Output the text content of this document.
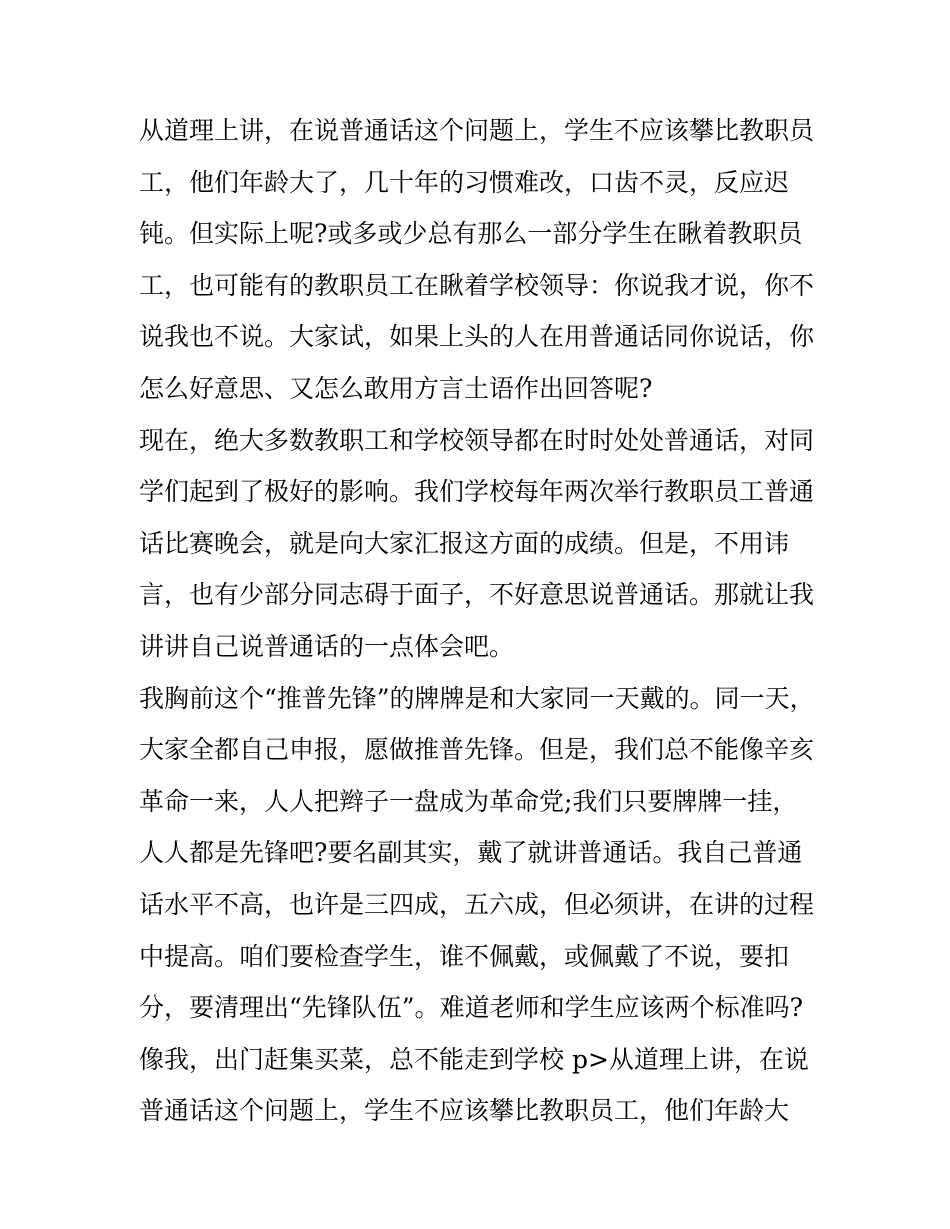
从道理上讲，在说普通话这个问题上，学生不应该攀比教职员
工，他们年龄大了，几十年的习惯难改，口齿不灵，反应迟
钝。但实际上呢?或多或少总有那么一部分学生在瞅着教职员
工，也可能有的教职员工在瞅着学校领导：你说我才说，你不
说我也不说。大家试，如果上头的人在用普通话同你说话，你
怎么好意思、又怎么敢用方言土语作出回答呢?
现在，绝大多数教职工和学校领导都在时时处处普通话，对同
学们起到了极好的影响。我们学校每年两次举行教职员工普通
话比赛晚会，就是向大家汇报这方面的成绩。但是，不用讳
言，也有少部分同志碍于面子，不好意思说普通话。那就让我
讲讲自己说普通话的一点体会吧。
我胸前这个“推普先锋”的牌牌是和大家同一天戴的。同一天，
大家全都自己申报，愿做推普先锋。但是，我们总不能像辛亥
革命一来，人人把辫子一盘成为革命党;我们只要牌牌一挂，
人人都是先锋吧?要名副其实，戴了就讲普通话。我自己普通
话水平不高，也许是三四成，五六成，但必须讲，在讲的过程
中提高。咱们要检查学生，谁不佩戴，或佩戴了不说，要扣
分，要清理出“先锋队伍”。难道老师和学生应该两个标准吗?
像我，出门赶集买菜，总不能走到学校 p>从道理上讲，在说
普通话这个问题上，学生不应该攀比教职员工，他们年龄大
